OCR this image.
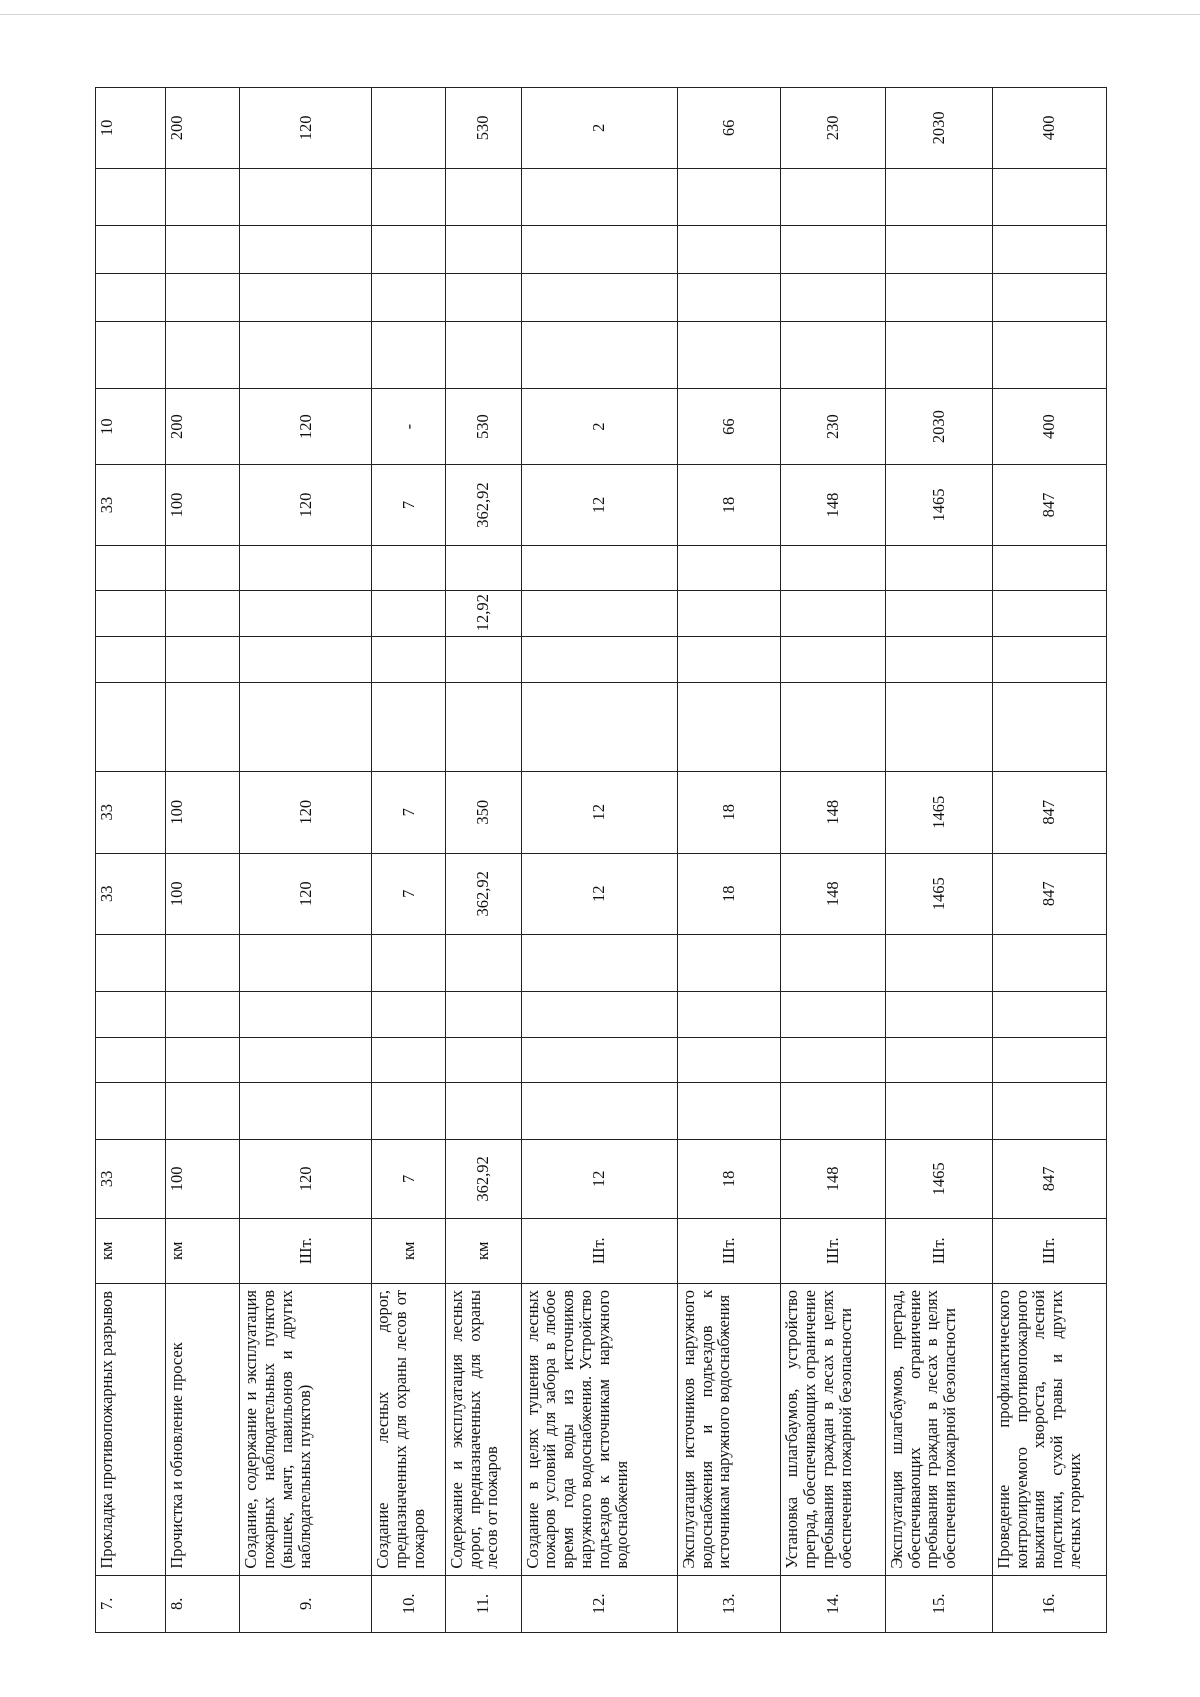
7.	Прокладка противопожарных разрывов	км	33					33	33					33	10					10
8.	Прочистка и обновление просек	км	100					100	100					100	200					200
9.	Создание, содержание и эксплуатация пожарных наблюдательных пунктов (вышек, мачт, павильонов и других наблюдательных пунктов)	Шт.	120					120	120					120	120					120
10.	Создание лесных дорог, предназначенных для охраны лесов от пожаров	км	7					7	7					7	-					
11.	Содержание и эксплуатация лесных дорог, предназначенных для охраны лесов от пожаров	км	362,92					362,92	350			12,92		362,92	530					530
12.	Создание в целях тушения лесных пожаров условий для забора в любое время года воды из источников наружного водоснабжения. Устройство подъездов к источникам наружного водоснабжения	Шт.	12					12	12					12	2					2
13.	Эксплуатация источников наружного водоснабжения и подъездов к источникам наружного водоснабжения	Шт.	18					18	18					18	66					66
14.	Установка шлагбаумов, устройство преград, обеспечивающих ограничение пребывания граждан в лесах в целях обеспечения пожарной безопасности	Шт.	148					148	148					148	230					230
15.	Эксплуатация шлагбаумов, преград, обеспечивающих ограничение пребывания граждан в лесах в целях обеспечения пожарной безопасности	Шт.	1465					1465	1465					1465	2030					2030
16.	Проведение профилактического контролируемого противопожарного выжигания хвороста, лесной подстилки, сухой травы и других лесных горючих	Шт.	847					847	847					847	400					400
